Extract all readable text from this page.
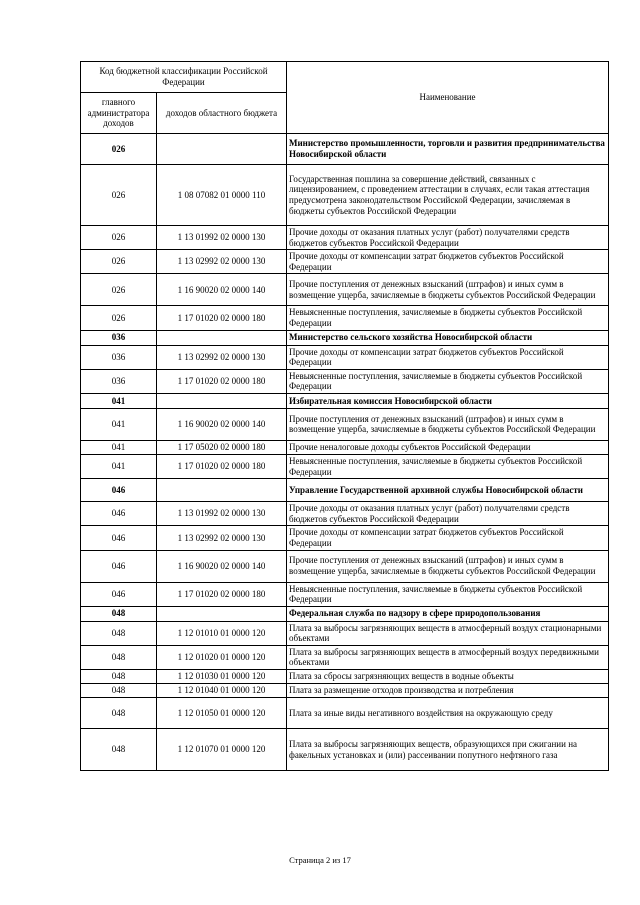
Код бюджетной классификации Российской Федерации		Наименование
главного администратора доходов	доходов областного бюджета	
026		Министерство промышленности, торговли и развития предпринимательства Новосибирской области
026	1 08 07082 01 0000 110	Государственная пошлина за совершение действий, связанных с лицензированием, с проведением аттестации в случаях, если такая аттестация предусмотрена законодательством Российской Федерации, зачисляемая в бюджеты субъектов Российской Федерации
026	1 13 01992 02 0000 130	Прочие доходы от оказания платных услуг (работ) получателями средств бюджетов субъектов Российской Федерации
026	1 13 02992 02 0000 130	Прочие доходы от компенсации затрат бюджетов субъектов Российской Федерации
026	1 16 90020 02 0000 140	Прочие поступления от денежных взысканий (штрафов) и иных сумм в возмещение ущерба, зачисляемые в бюджеты субъектов Российской Федерации
026	1 17 01020 02 0000 180	Невыясненные поступления, зачисляемые в бюджеты субъектов Российской Федерации
036		Министерство сельского хозяйства Новосибирской области
036	1 13 02992 02 0000 130	Прочие доходы от компенсации затрат бюджетов субъектов Российской Федерации
036	1 17 01020 02 0000 180	Невыясненные поступления, зачисляемые в бюджеты субъектов Российской Федерации
041		Избирательная комиссия Новосибирской области
041	1 16 90020 02 0000 140	Прочие поступления от денежных взысканий (штрафов) и иных сумм в возмещение ущерба, зачисляемые в бюджеты субъектов Российской Федерации
041	1 17 05020 02 0000 180	Прочие неналоговые доходы субъектов Российской Федерации
041	1 17 01020 02 0000 180	Невыясненные поступления, зачисляемые в бюджеты субъектов Российской Федерации
046		Управление Государственной архивной службы Новосибирской области
046	1 13 01992 02 0000 130	Прочие доходы от оказания платных услуг (работ) получателями средств бюджетов субъектов Российской Федерации
046	1 13 02992 02 0000 130	Прочие доходы от компенсации затрат бюджетов субъектов Российской Федерации
046	1 16 90020 02 0000 140	Прочие поступления от денежных взысканий (штрафов) и иных сумм в возмещение ущерба, зачисляемые в бюджеты субъектов Российской Федерации
046	1 17 01020 02 0000 180	Невыясненные поступления, зачисляемые в бюджеты субъектов Российской Федерации
048		Федеральная служба по надзору в сфере природопользования
048	1 12 01010 01 0000 120	Плата за выбросы загрязняющих веществ в атмосферный воздух стационарными объектами
048	1 12 01020 01 0000 120	Плата за выбросы загрязняющих веществ в атмосферный воздух передвижными объектами
048	1 12 01030 01 0000 120	Плата за сбросы загрязняющих веществ в водные объекты
048	1 12 01040 01 0000 120	Плата за размещение отходов производства и потребления
048	1 12 01050 01 0000 120	Плата за иные виды негативного воздействия на окружающую среду
048	1 12 01070 01 0000 120	Плата за выбросы загрязняющих веществ, образующихся при сжигании на факельных установках и (или) рассеивании попутного нефтяного газа
Страница 2 из 17
